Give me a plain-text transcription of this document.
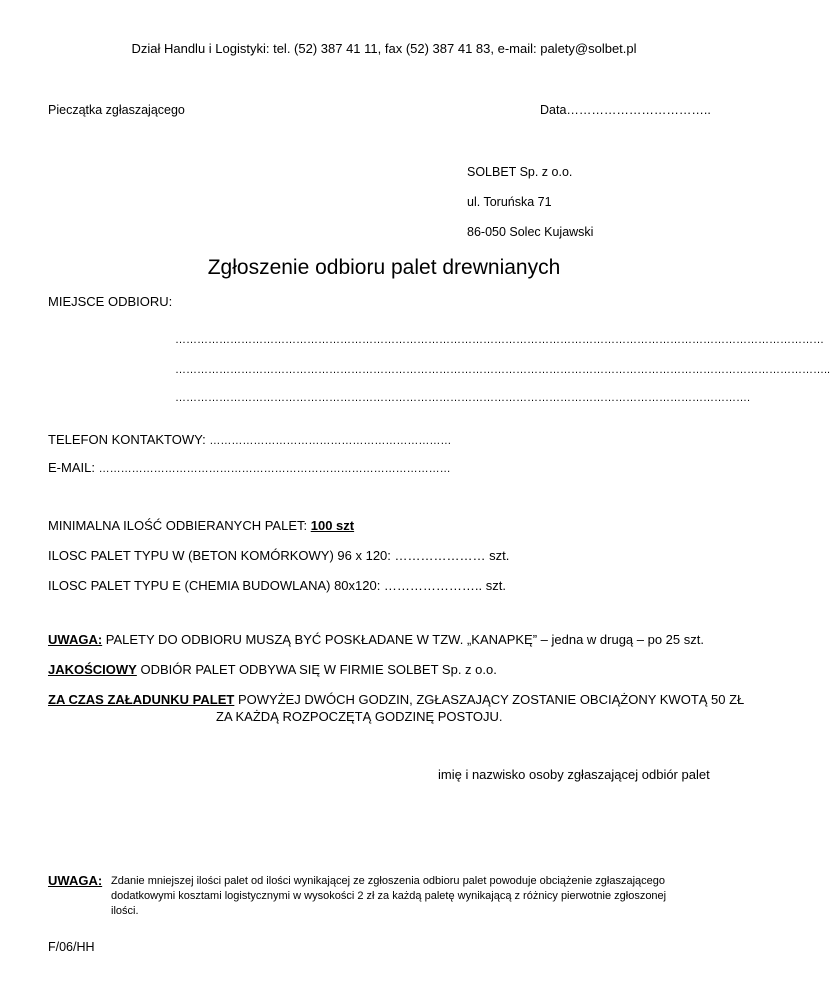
Dział Handlu i Logistyki: tel. (52) 387 41 11, fax (52) 387 41 83, e-mail: palety@solbet.pl
Pieczątka zgłaszającego	Data……………………………..
SOLBET Sp. z o.o.
ul. Toruńska 71
86-050 Solec Kujawski
Zgłoszenie odbioru palet drewnianych
MIEJSCE ODBIORU:
……………………………………………………………………………………………………………………………………………………………
……………………………………………………………………………………………………………………………………………………………..
………………………………………………………………………………………………………………………………………….
TELEFON KONTAKTOWY: …………………………………………………………
E-MAIL: ……………………………………………………………………………………
MINIMALNA ILOŚĆ ODBIERANYCH PALET: 100 szt
ILOSC PALET TYPU W (BETON KOMÓRKOWY) 96 x 120: ………………… szt.
ILOSC PALET TYPU E (CHEMIA BUDOWLANA) 80x120: ………………….. szt.
UWAGA: PALETY DO ODBIORU MUSZĄ BYĆ POSKŁADANE W TZW. „KANAPKĘ” – jedna w drugą – po 25 szt.
JAKOŚCIOWY ODBIÓR PALET ODBYWA SIĘ W FIRMIE SOLBET Sp. z o.o.
ZA CZAS ZAŁADUNKU PALET POWYŻEJ DWÓCH GODZIN, ZGŁASZAJĄCY ZOSTANIE OBCIĄŻONY KWOTĄ 50 ZŁ
ZA KAŻDĄ ROZPOCZĘTĄ GODZINĘ POSTOJU.
imię i nazwisko osoby zgłaszającej odbiór palet
UWAGA: Zdanie mniejszej ilości palet od ilości wynikającej ze zgłoszenia odbioru palet powoduje obciążenie zgłaszającego
dodatkowymi kosztami logistycznymi w wysokości 2 zł za każdą paletę wynikającą z różnicy pierwotnie zgłoszonej
ilości.
F/06/HH
